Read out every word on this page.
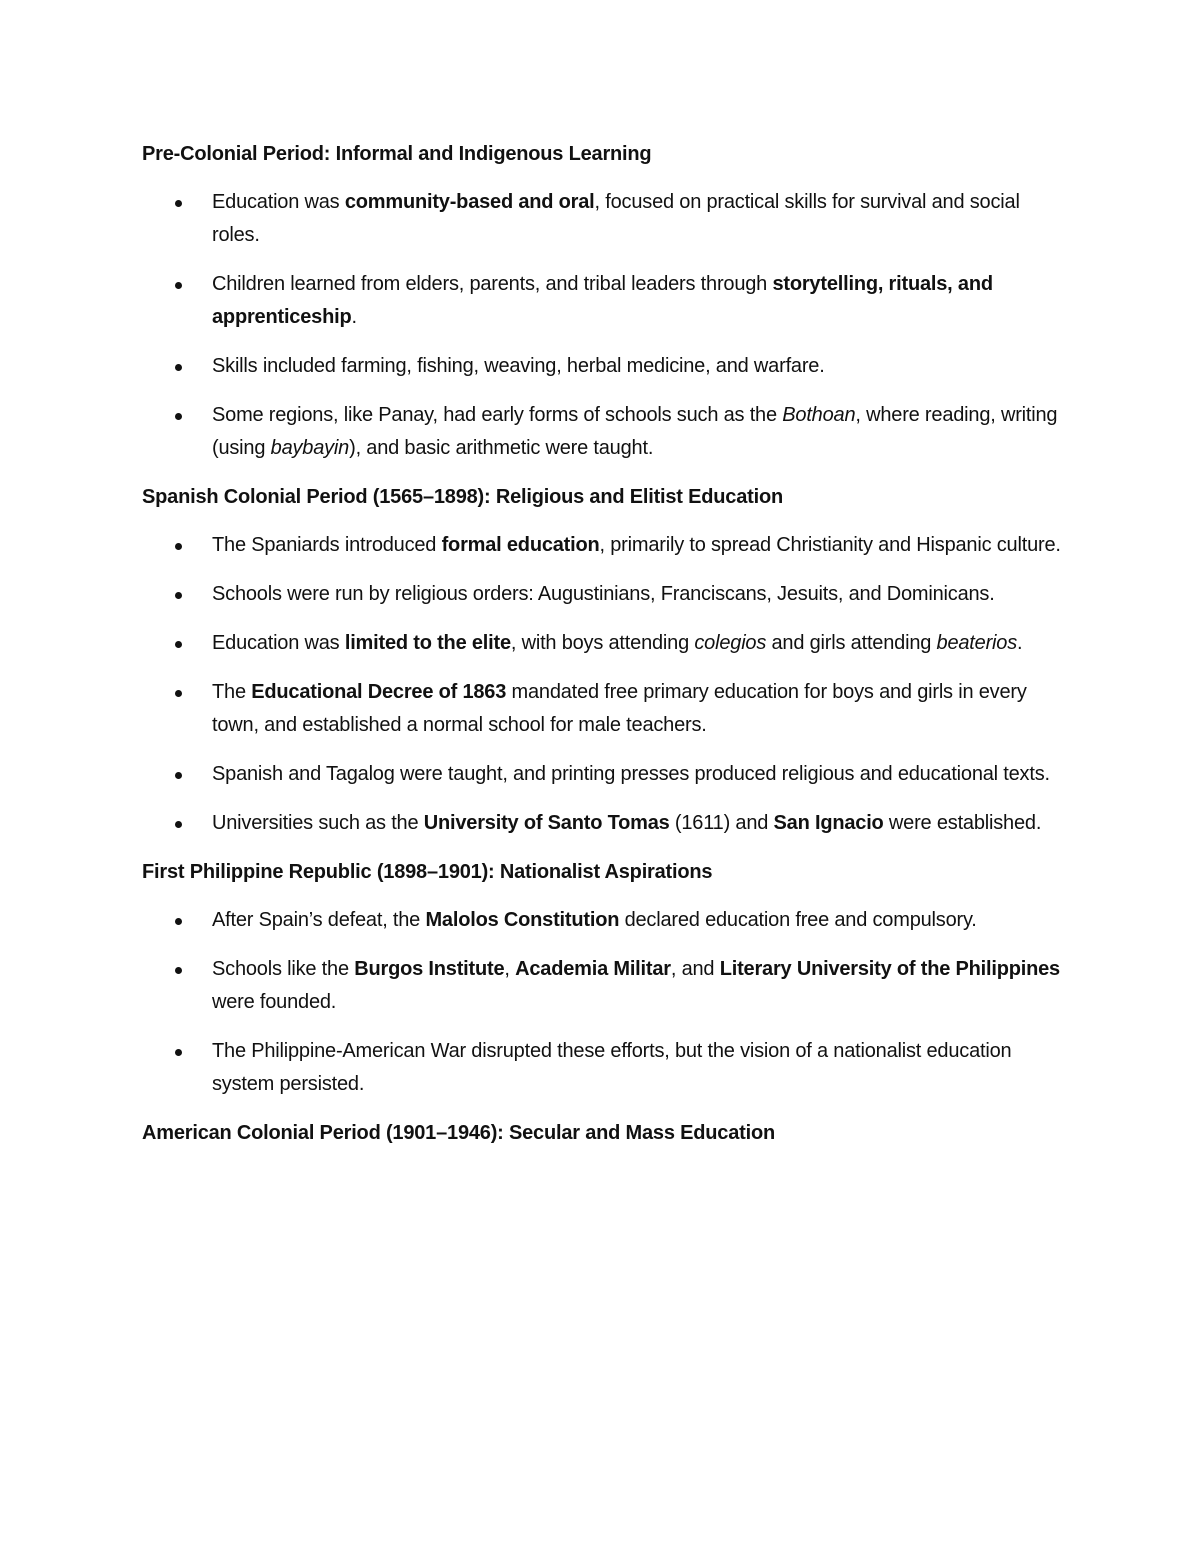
Pre-Colonial Period: Informal and Indigenous Learning
Education was community-based and oral, focused on practical skills for survival and social roles.
Children learned from elders, parents, and tribal leaders through storytelling, rituals, and apprenticeship.
Skills included farming, fishing, weaving, herbal medicine, and warfare.
Some regions, like Panay, had early forms of schools such as the Bothoan, where reading, writing (using baybayin), and basic arithmetic were taught.
Spanish Colonial Period (1565–1898): Religious and Elitist Education
The Spaniards introduced formal education, primarily to spread Christianity and Hispanic culture.
Schools were run by religious orders: Augustinians, Franciscans, Jesuits, and Dominicans.
Education was limited to the elite, with boys attending colegios and girls attending beaterios.
The Educational Decree of 1863 mandated free primary education for boys and girls in every town, and established a normal school for male teachers.
Spanish and Tagalog were taught, and printing presses produced religious and educational texts.
Universities such as the University of Santo Tomas (1611) and San Ignacio were established.
First Philippine Republic (1898–1901): Nationalist Aspirations
After Spain’s defeat, the Malolos Constitution declared education free and compulsory.
Schools like the Burgos Institute, Academia Militar, and Literary University of the Philippines were founded.
The Philippine-American War disrupted these efforts, but the vision of a nationalist education system persisted.
American Colonial Period (1901–1946): Secular and Mass Education
